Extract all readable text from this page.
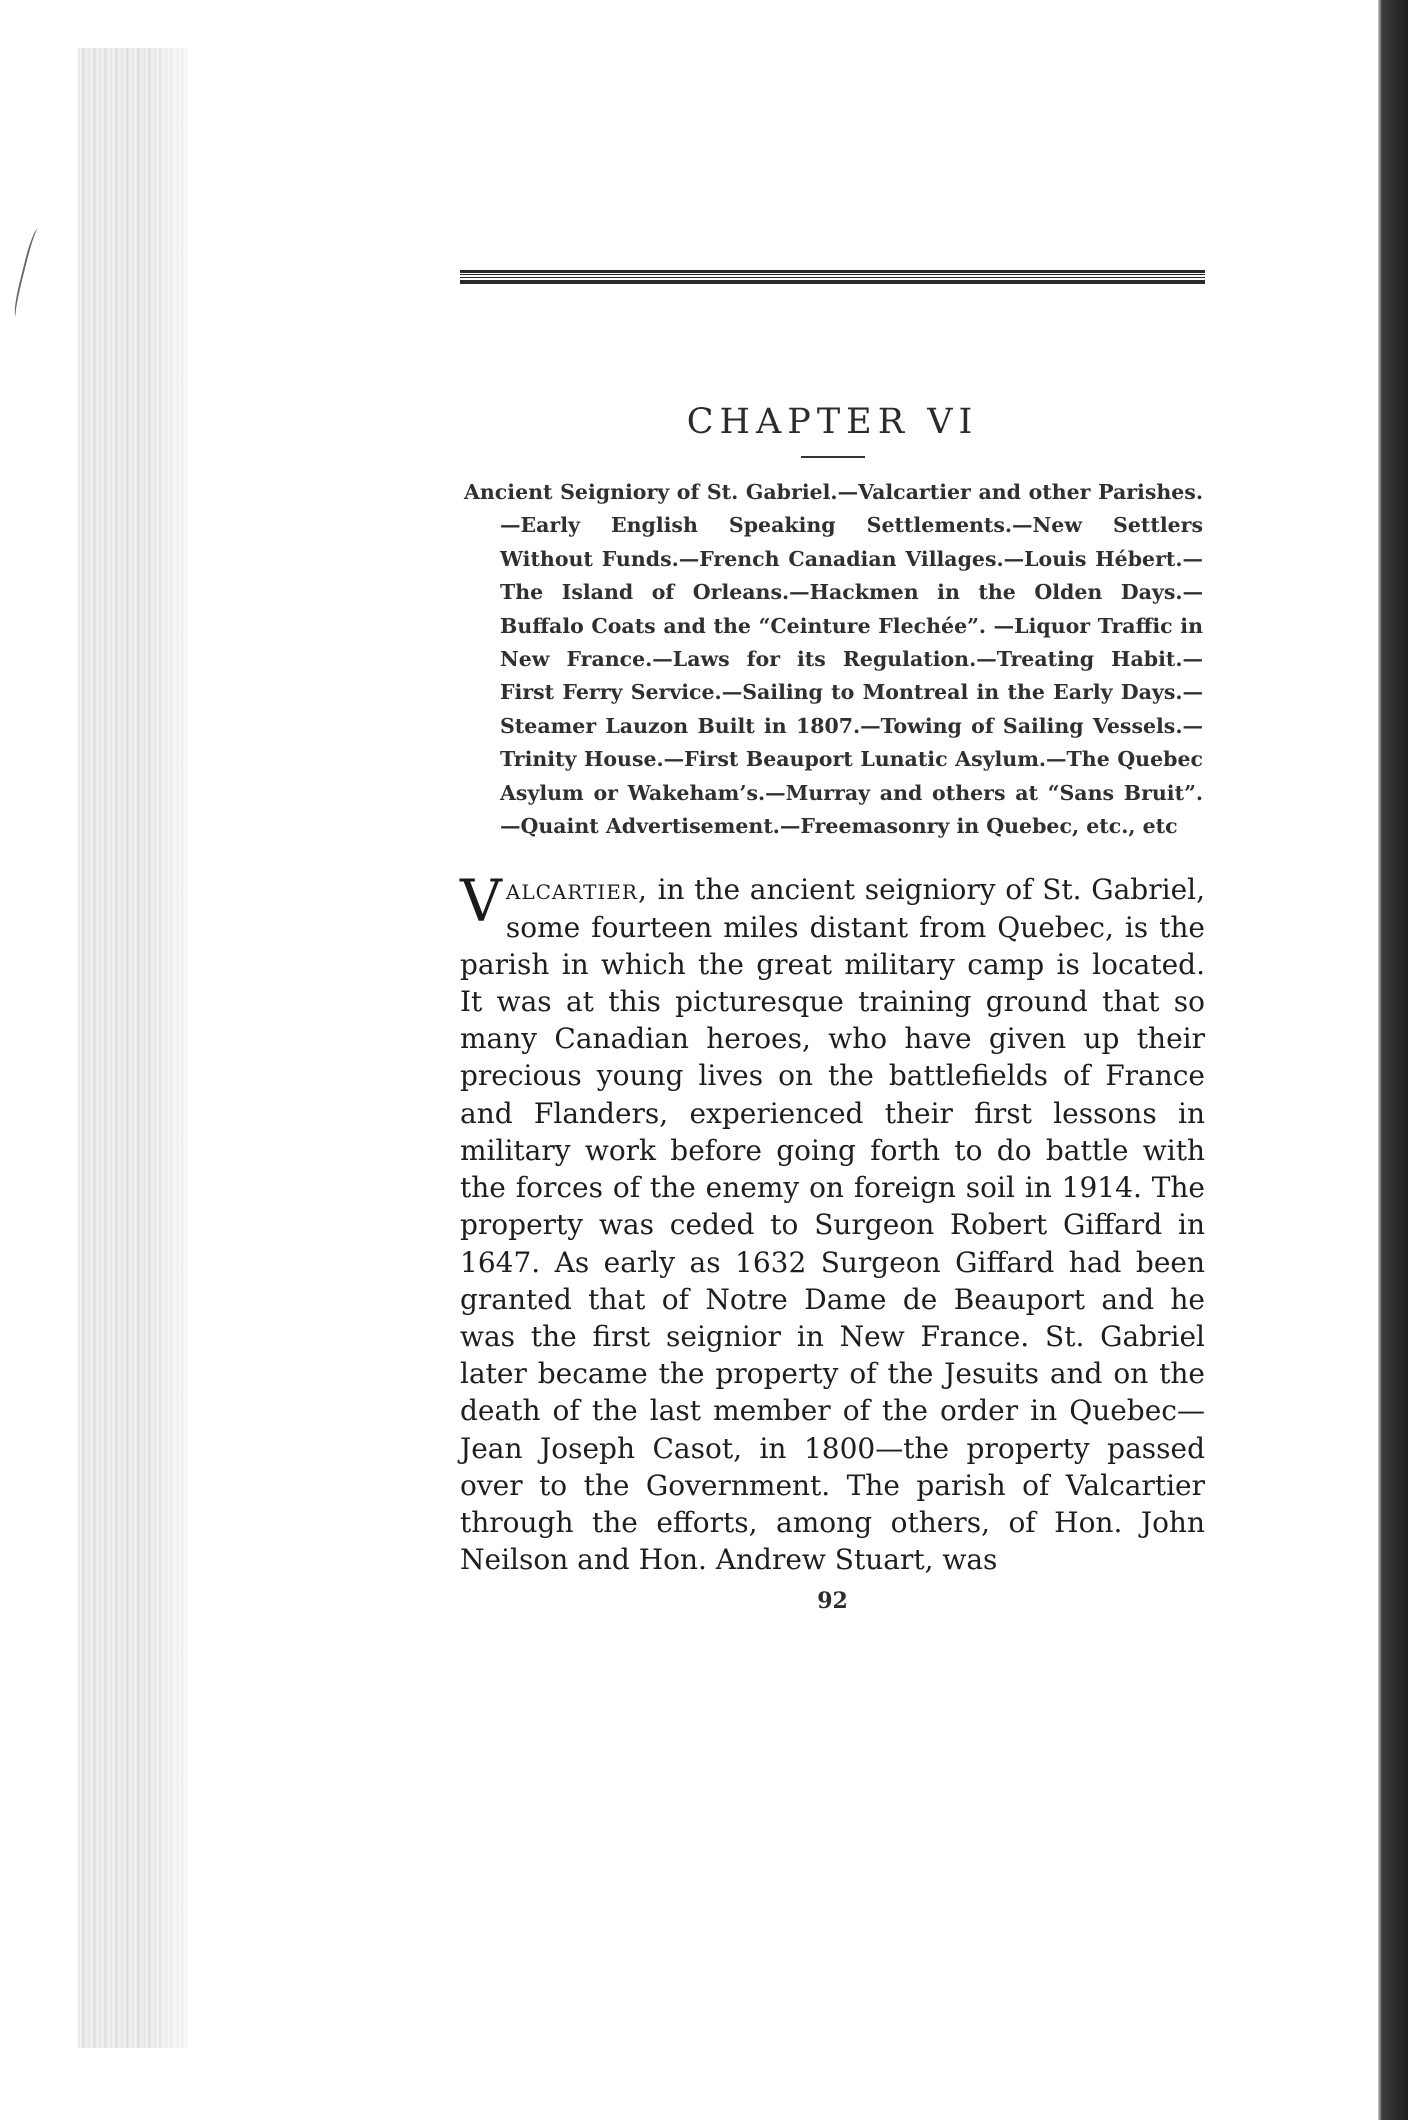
CHAPTER VI
Ancient Seigniory of St. Gabriel.—Valcartier and other Parishes.—Early English Speaking Settlements.—New Settlers Without Funds.—French Canadian Villages.—Louis Hébert.—The Island of Orleans.—Hackmen in the Olden Days.—Buffalo Coats and the “Ceinture Flechée”. —Liquor Traffic in New France.—Laws for its Regulation.—Treating Habit.—First Ferry Service.—Sailing to Montreal in the Early Days.—Steamer Lauzon Built in 1807.—Towing of Sailing Vessels.—Trinity House.—First Beauport Lunatic Asylum.—The Quebec Asylum or Wakeham’s.—Murray and others at “Sans Bruit”.—Quaint Advertisement.—Freemasonry in Quebec, etc., etc
Valcartier, in the ancient seigniory of St. Gabriel, some fourteen miles distant from Quebec, is the parish in which the great military camp is located. It was at this picturesque training ground that so many Canadian heroes, who have given up their precious young lives on the battlefields of France and Flanders, experienced their first lessons in military work before going forth to do battle with the forces of the enemy on foreign soil in 1914. The property was ceded to Surgeon Robert Giffard in 1647. As early as 1632 Surgeon Giffard had been granted that of Notre Dame de Beauport and he was the first seignior in New France. St. Gabriel later became the property of the Jesuits and on the death of the last member of the order in Quebec—Jean Joseph Casot, in 1800—the property passed over to the Government. The parish of Valcartier through the efforts, among others, of Hon. John Neilson and Hon. Andrew Stuart, was
92
